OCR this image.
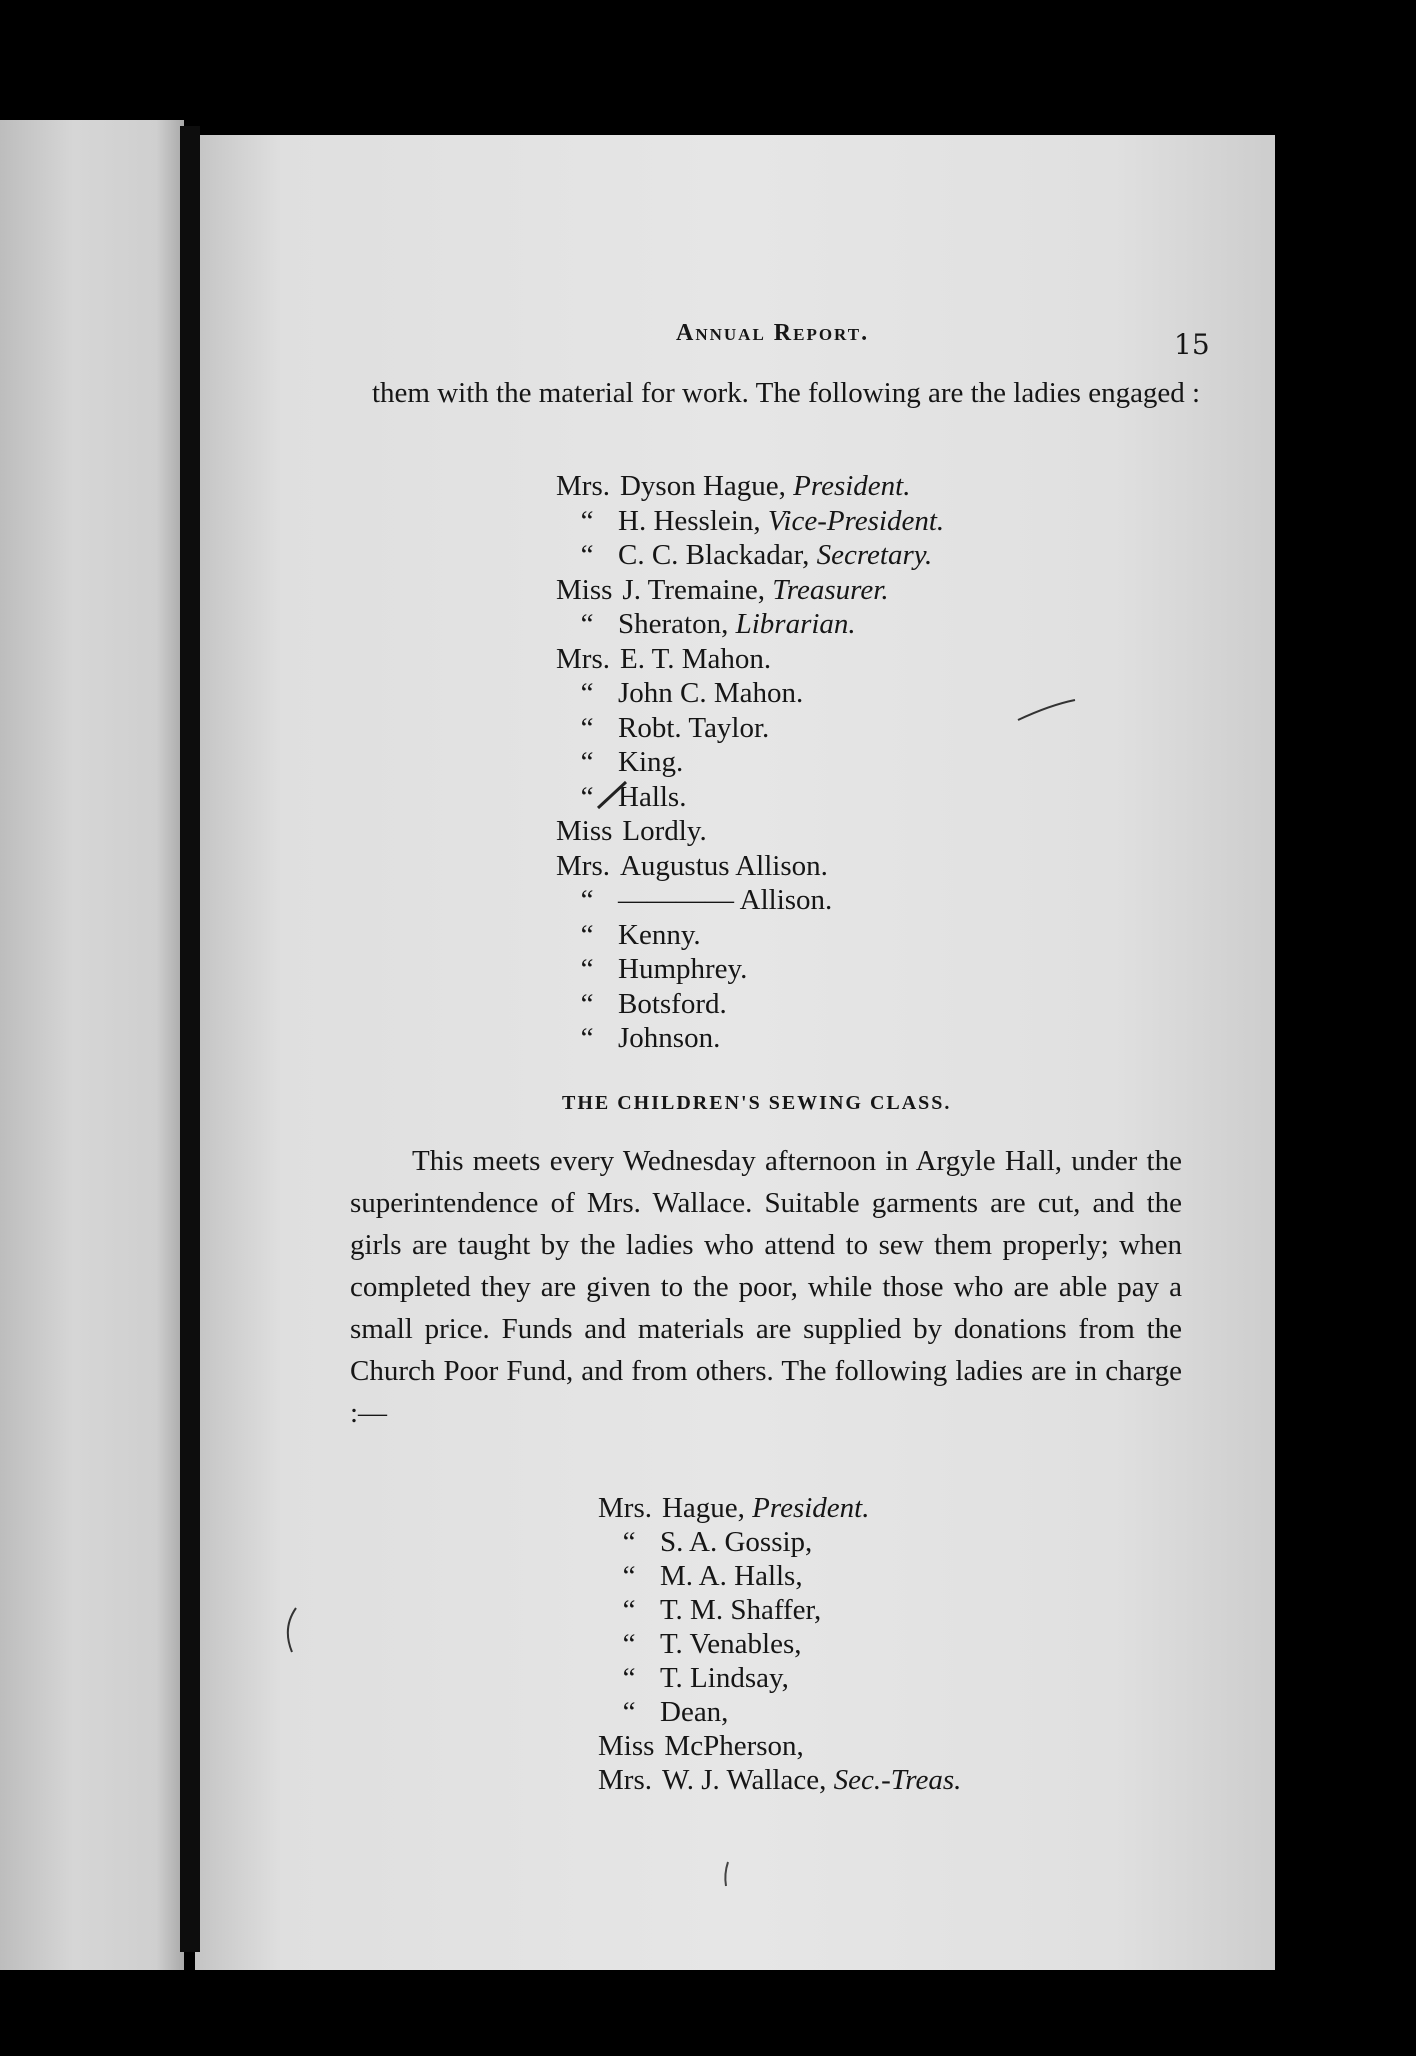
Annual Report.	15
them with the material for work. The following are the ladies engaged :
Mrs. Dyson Hague, President.
“ H. Hesslein, Vice-President.
“ C. C. Blackadar, Secretary.
Miss J. Tremaine, Treasurer.
“ Sheraton, Librarian.
Mrs. E. T. Mahon.
“ John C. Mahon.
“ Robt. Taylor.
“ King.
“ Halls.
Miss Lordly.
Mrs. Augustus Allison.
“ ———— Allison.
“ Kenny.
“ Humphrey.
“ Botsford.
“ Johnson.
THE CHILDREN'S SEWING CLASS.
This meets every Wednesday afternoon in Argyle Hall, under the superintendence of Mrs. Wallace. Suitable garments are cut, and the girls are taught by the ladies who attend to sew them properly; when completed they are given to the poor, while those who are able pay a small price. Funds and materials are supplied by donations from the Church Poor Fund, and from others. The following ladies are in charge :—
Mrs. Hague, President.
“ S. A. Gossip,
“ M. A. Halls,
“ T. M. Shaffer,
“ T. Venables,
“ T. Lindsay,
“ Dean,
Miss McPherson,
Mrs. W. J. Wallace, Sec.-Treas.
